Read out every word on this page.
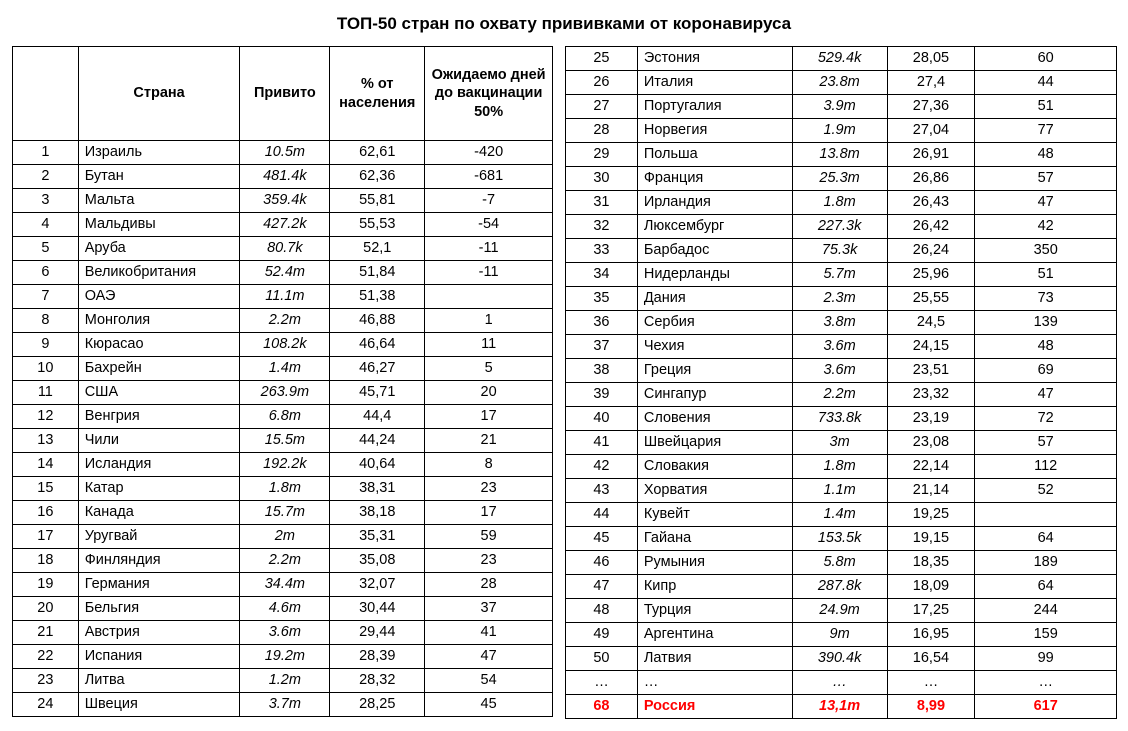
ТОП-50 стран по охвату прививками от коронавируса
	Страна	Привито	% от населения	Ожидаемо дней до вакцинации 50%
1	Израиль	10.5m	62,61	-420
2	Бутан	481.4k	62,36	-681
3	Мальта	359.4k	55,81	-7
4	Мальдивы	427.2k	55,53	-54
5	Аруба	80.7k	52,1	-11
6	Великобритания	52.4m	51,84	-11
7	ОАЭ	11.1m	51,38	
8	Монголия	2.2m	46,88	1
9	Кюрасао	108.2k	46,64	11
10	Бахрейн	1.4m	46,27	5
11	США	263.9m	45,71	20
12	Венгрия	6.8m	44,4	17
13	Чили	15.5m	44,24	21
14	Исландия	192.2k	40,64	8
15	Катар	1.8m	38,31	23
16	Канада	15.7m	38,18	17
17	Уругвай	2m	35,31	59
18	Финляндия	2.2m	35,08	23
19	Германия	34.4m	32,07	28
20	Бельгия	4.6m	30,44	37
21	Австрия	3.6m	29,44	41
22	Испания	19.2m	28,39	47
23	Литва	1.2m	28,32	54
24	Швеция	3.7m	28,25	45
25	Эстония	529.4k	28,05	60
26	Италия	23.8m	27,4	44
27	Португалия	3.9m	27,36	51
28	Норвегия	1.9m	27,04	77
29	Польша	13.8m	26,91	48
30	Франция	25.3m	26,86	57
31	Ирландия	1.8m	26,43	47
32	Люксембург	227.3k	26,42	42
33	Барбадос	75.3k	26,24	350
34	Нидерланды	5.7m	25,96	51
35	Дания	2.3m	25,55	73
36	Сербия	3.8m	24,5	139
37	Чехия	3.6m	24,15	48
38	Греция	3.6m	23,51	69
39	Сингапур	2.2m	23,32	47
40	Словения	733.8k	23,19	72
41	Швейцария	3m	23,08	57
42	Словакия	1.8m	22,14	112
43	Хорватия	1.1m	21,14	52
44	Кувейт	1.4m	19,25	
45	Гайана	153.5k	19,15	64
46	Румыния	5.8m	18,35	189
47	Кипр	287.8k	18,09	64
48	Турция	24.9m	17,25	244
49	Аргентина	9m	16,95	159
50	Латвия	390.4k	16,54	99
…	…	…	…	…
68	Россия	13,1m	8,99	617
